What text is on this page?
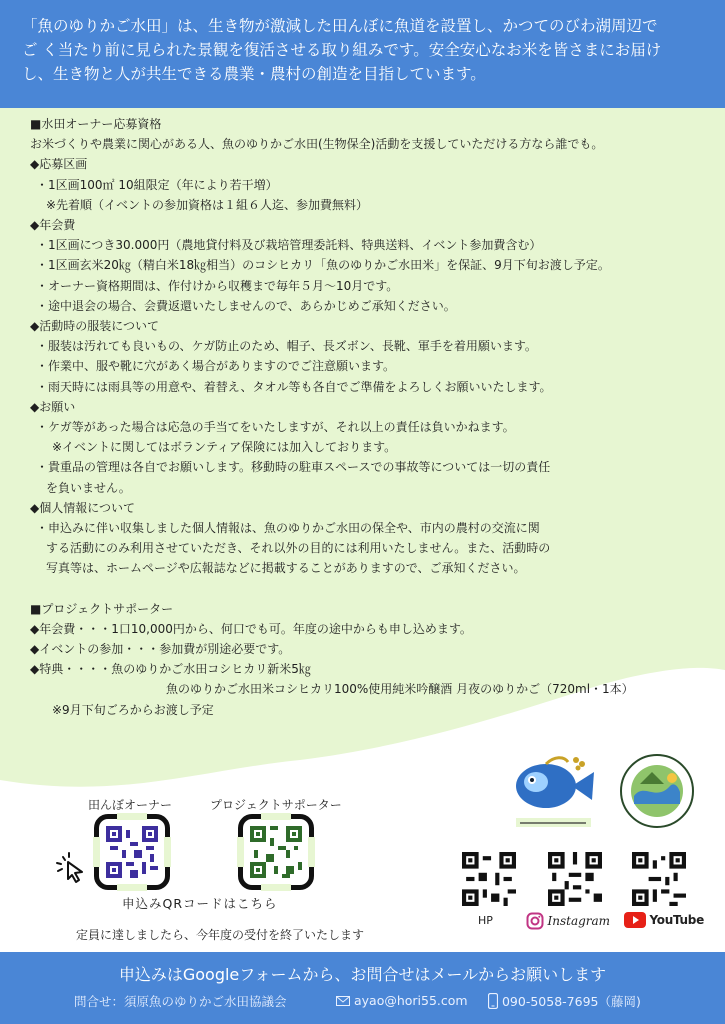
「魚のゆりかご水田」は、生き物が激減した田んぼに魚道を設置し、かつてのびわ湖周辺で
ご く当たり前に見られた景観を復活させる取り組みです。安全安心なお米を皆さまにお届け
し、生き物と人が共生できる農業・農村の創造を目指しています。
■水田オーナー応募資格
お米づくりや農業に関心がある人、魚のゆりかご水田(生物保全)活動を支援していただける方なら誰でも。
◆応募区画
・1区画100㎡ 10組限定（年により若干増）
※先着順（イベントの参加資格は１組６人迄、参加費無料）
◆年会費
・1区画につき30.000円（農地貸付料及び栽培管理委託料、特典送料、イベント参加費含む）
・1区画玄米20㎏（精白米18㎏相当）のコシヒカリ「魚のゆりかご水田米」を保証、9月下旬お渡し予定。
・オーナー資格期間は、作付けから収穫まで毎年５月～10月です。
・途中退会の場合、会費返還いたしませんので、あらかじめご承知ください。
◆活動時の服装について
・服装は汚れても良いもの、ケガ防止のため、帽子、長ズボン、長靴、軍手を着用願います。
・作業中、服や靴に穴があく場合がありますのでご注意願います。
・雨天時には雨具等の用意や、着替え、タオル等も各自でご準備をよろしくお願いいたします。
◆お願い
・ケガ等があった場合は応急の手当てをいたしますが、それ以上の責任は負いかねます。
※イベントに関してはボランティア保険には加入しております。
・貴重品の管理は各自でお願いします。移動時の駐車スペースでの事故等については一切の責任
を負いません。
◆個人情報について
・申込みに伴い収集しました個人情報は、魚のゆりかご水田の保全や、市内の農村の交流に関
する活動にのみ利用させていただき、それ以外の目的には利用いたしません。また、活動時の
写真等は、ホームページや広報誌などに掲載することがありますので、ご承知ください。
■プロジェクトサポーター
◆年会費・・・1口10,000円から、何口でも可。年度の途中からも申し込めます。
◆イベントの参加・・・参加費が別途必要です。
◆特典・・・・魚のゆりかご水田コシヒカリ新米5㎏
魚のゆりかご水田米コシヒカリ100%使用純米吟醸酒 月夜のゆりかご（720ml・1本）
※9月下旬ごろからお渡し予定
田んぼオーナー	プロジェクトサポーター
申込みQRコードはこちら
定員に達しましたら、今年度の受付を終了いたします
HP	Instagram	YouTube
申込みはGoogleフォームから、お問合せはメールからお願いします
問合せ：須原魚のゆりかご水田協議会	ayao@hori55.com	090-5058-7695（藤岡)
